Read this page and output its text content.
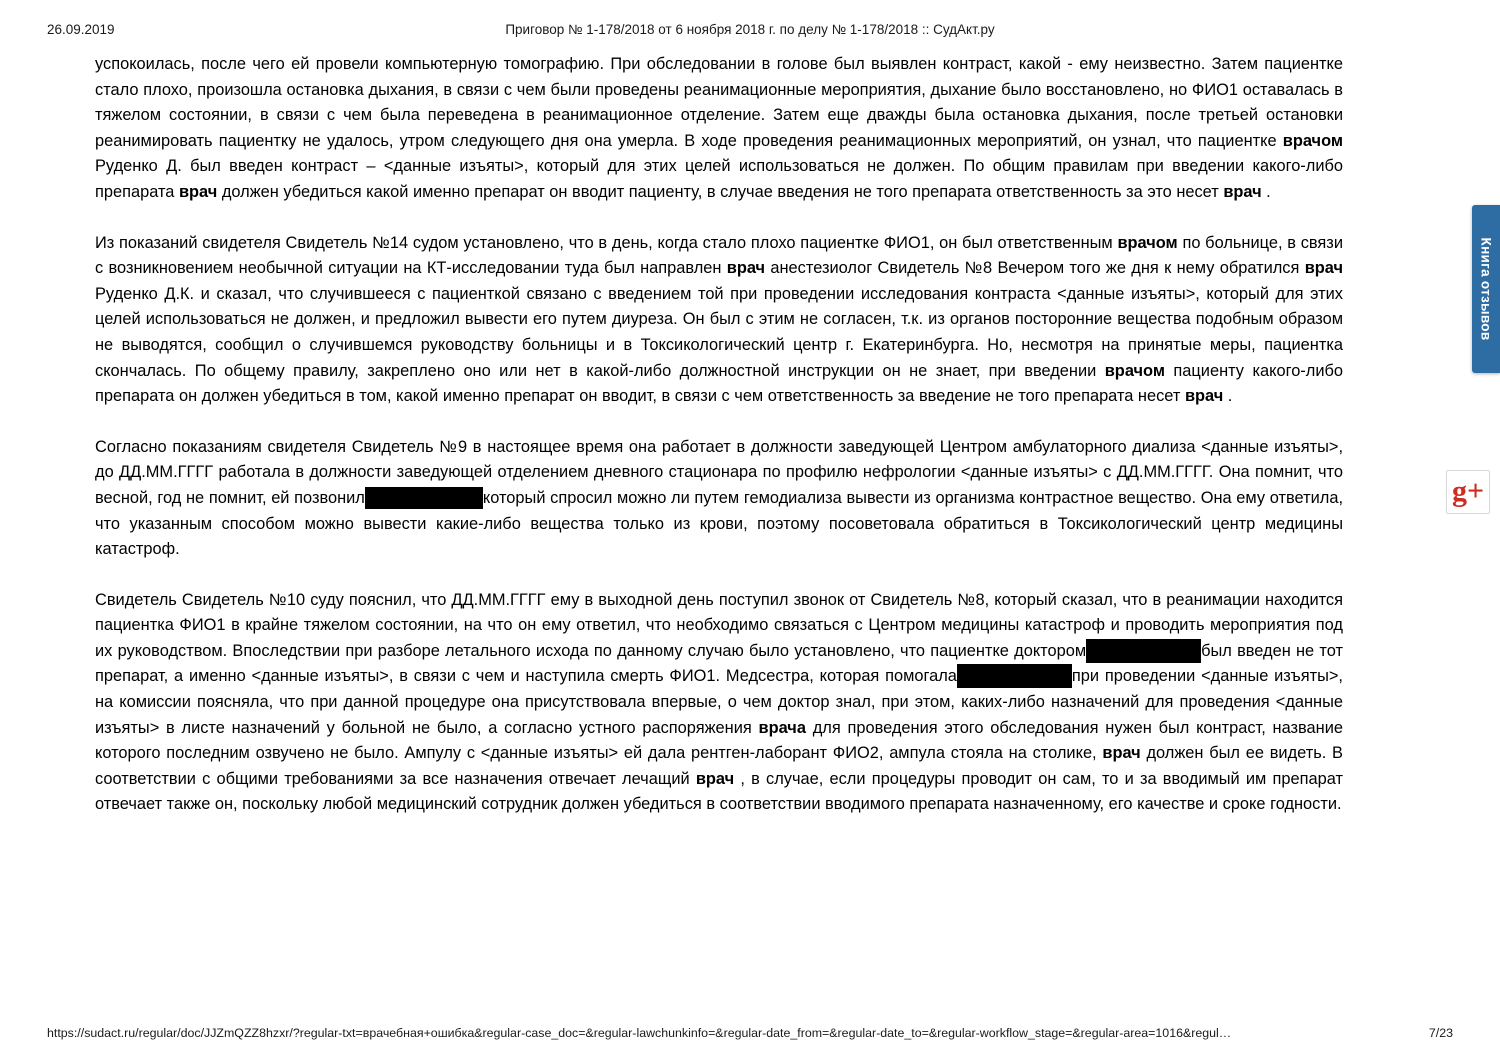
26.09.2019	Приговор № 1-178/2018 от 6 ноября 2018 г. по делу № 1-178/2018 :: СудАкт.ру

успокоилась, после чего ей провели компьютерную томографию. При обследовании в голове был выявлен контраст, какой - ему неизвестно. Затем пациентке стало плохо, произошла остановка дыхания, в связи с чем были проведены реанимационные мероприятия, дыхание было восстановлено, но ФИО1 оставалась в тяжелом состоянии, в связи с чем была переведена в реанимационное отделение. Затем еще дважды была остановка дыхания, после третьей остановки реанимировать пациентку не удалось, утром следующего дня она умерла. В ходе проведения реанимационных мероприятий, он узнал, что пациентке врачом Руденко Д. был введен контраст – <данные изъяты>, который для этих целей использоваться не должен. По общим правилам при введении какого-либо препарата врач должен убедиться какой именно препарат он вводит пациенту, в случае введения не того препарата ответственность за это несет врач .

Из показаний свидетеля Свидетель №14 судом установлено, что в день, когда стало плохо пациентке ФИО1, он был ответственным врачом по больнице, в связи с возникновением необычной ситуации на КТ-исследовании туда был направлен врач анестезиолог Свидетель №8 Вечером того же дня к нему обратился врач Руденко Д.К. и сказал, что случившееся с пациенткой связано с введением той при проведении исследования контраста <данные изъяты>, который для этих целей использоваться не должен, и предложил вывести его путем диуреза. Он был с этим не согласен, т.к. из органов посторонние вещества подобным образом не выводятся, сообщил о случившемся руководству больницы и в Токсикологический центр г. Екатеринбурга. Но, несмотря на принятые меры, пациентка скончалась. По общему правилу, закреплено оно или нет в какой-либо должностной инструкции он не знает, при введении врачом пациенту какого-либо препарата он должен убедиться в том, какой именно препарат он вводит, в связи с чем ответственность за введение не того препарата несет врач .

Согласно показаниям свидетеля Свидетель №9 в настоящее время она работает в должности заведующей Центром амбулаторного диализа <данные изъяты>, до ДД.ММ.ГГГГ работала в должности заведующей отделением дневного стационара по профилю нефрологии <данные изъяты> с ДД.ММ.ГГГГ. Она помнит, что весной, год не помнит, ей позвонил	который спросил можно ли путем гемодиализа вывести из организма контрастное вещество. Она ему ответила, что указанным способом можно вывести какие-либо вещества только из крови, поэтому посоветовала обратиться в Токсикологический центр медицины катастроф.

Свидетель Свидетель №10 суду пояснил, что ДД.ММ.ГГГГ ему в выходной день поступил звонок от Свидетель №8, который сказал, что в реанимации находится пациентка ФИО1 в крайне тяжелом состоянии, на что он ему ответил, что необходимо связаться с Центром медицины катастроф и проводить мероприятия под их руководством. Впоследствии при разборе летального исхода по данному случаю было установлено, что пациентке доктором	был введен не тот препарат, а именно <данные изъяты>, в связи с чем и наступила смерть ФИО1. Медсестра, которая помогала	при проведении <данные изъяты>, на комиссии поясняла, что при данной процедуре она присутствовала впервые, о чем доктор знал, при этом, каких-либо назначений для проведения <данные изъяты> в листе назначений у больной не было, а согласно устного распоряжения врача для проведения этого обследования нужен был контраст, название которого последним озвучено не было. Ампулу с <данные изъяты> ей дала рентген-лаборант ФИО2, ампула стояла на столике, врач должен был ее видеть. В соответствии с общими требованиями за все назначения отвечает лечащий врач , в случае, если процедуры проводит он сам, то и за вводимый им препарат отвечает также он, поскольку любой медицинский сотрудник должен убедиться в соответствии вводимого препарата назначенному, его качестве и сроке годности.

Книга отзывов
g+
https://sudact.ru/regular/doc/JJZmQZZ8hzxr/?regular-txt=врачебная+ошибка&regular-case_doc=&regular-lawchunkinfo=&regular-date_from=&regular-date_to=&regular-workflow_stage=&regular-area=1016&regul…	7/23
